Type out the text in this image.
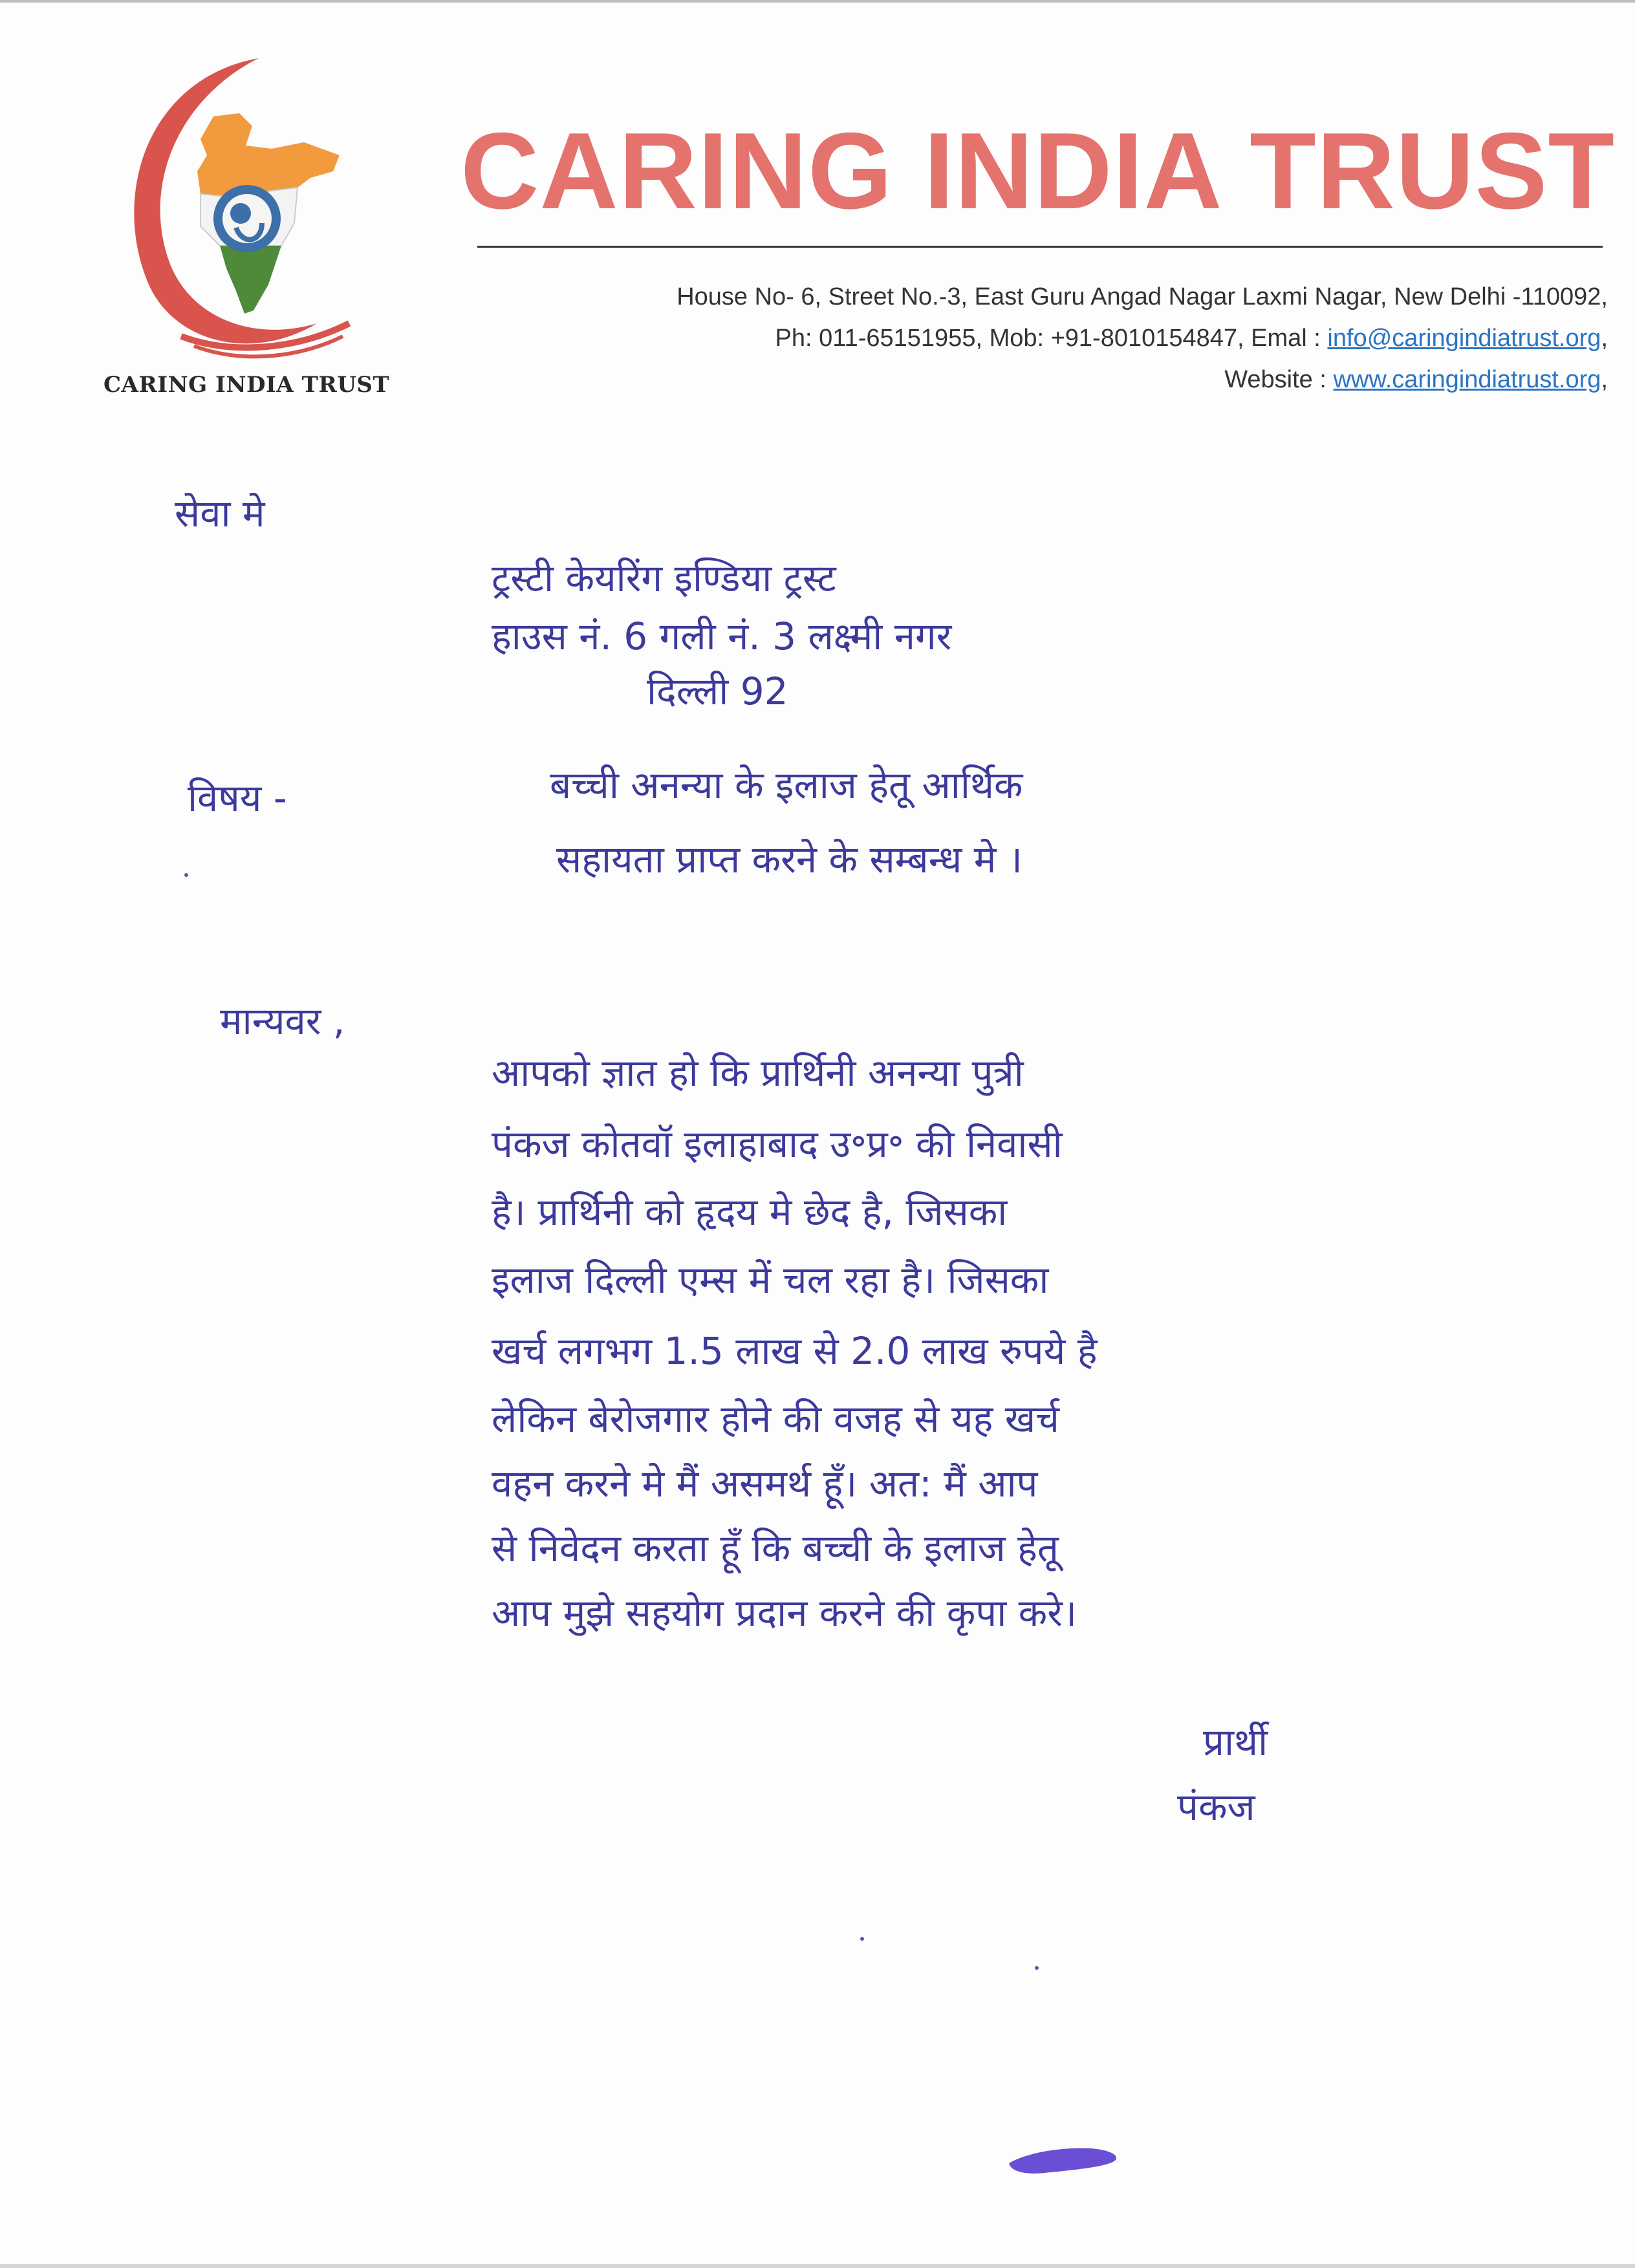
CARING INDIA TRUST
CARING INDIA TRUST
House No- 6, Street No.-3, East Guru Angad Nagar Laxmi Nagar, New Delhi -110092,
Ph: 011-65151955, Mob: +91-8010154847, Emal : info@caringindiatrust.org,
Website : www.caringindiatrust.org,
सेवा मे
ट्रस्टी केयरिंग इण्डिया ट्रस्ट
हाउस नं. 6 गली नं. 3 लक्ष्मी नगर
दिल्ली 92
विषय -	बच्ची अनन्या के इलाज हेतू आर्थिक
सहायता प्राप्त करने के सम्बन्ध मे ।
मान्यवर ,
आपको ज्ञात हो कि प्रार्थिनी अनन्या पुत्री
पंकज कोतवॉ इलाहाबाद उ॰प्र॰ की निवासी
है। प्रार्थिनी को हृदय मे छेद है, जिसका
इलाज दिल्ली एम्स में चल रहा है। जिसका
खर्च लगभग 1.5 लाख से 2.0 लाख रुपये है
लेकिन बेरोजगार होने की वजह से यह खर्च
वहन करने मे मैं असमर्थ हूँ। अत: मैं आप
से निवेदन करता हूँ कि बच्ची के इलाज हेतू
आप मुझे सहयोग प्रदान करने की कृपा करे।
प्रार्थी
पंकज
